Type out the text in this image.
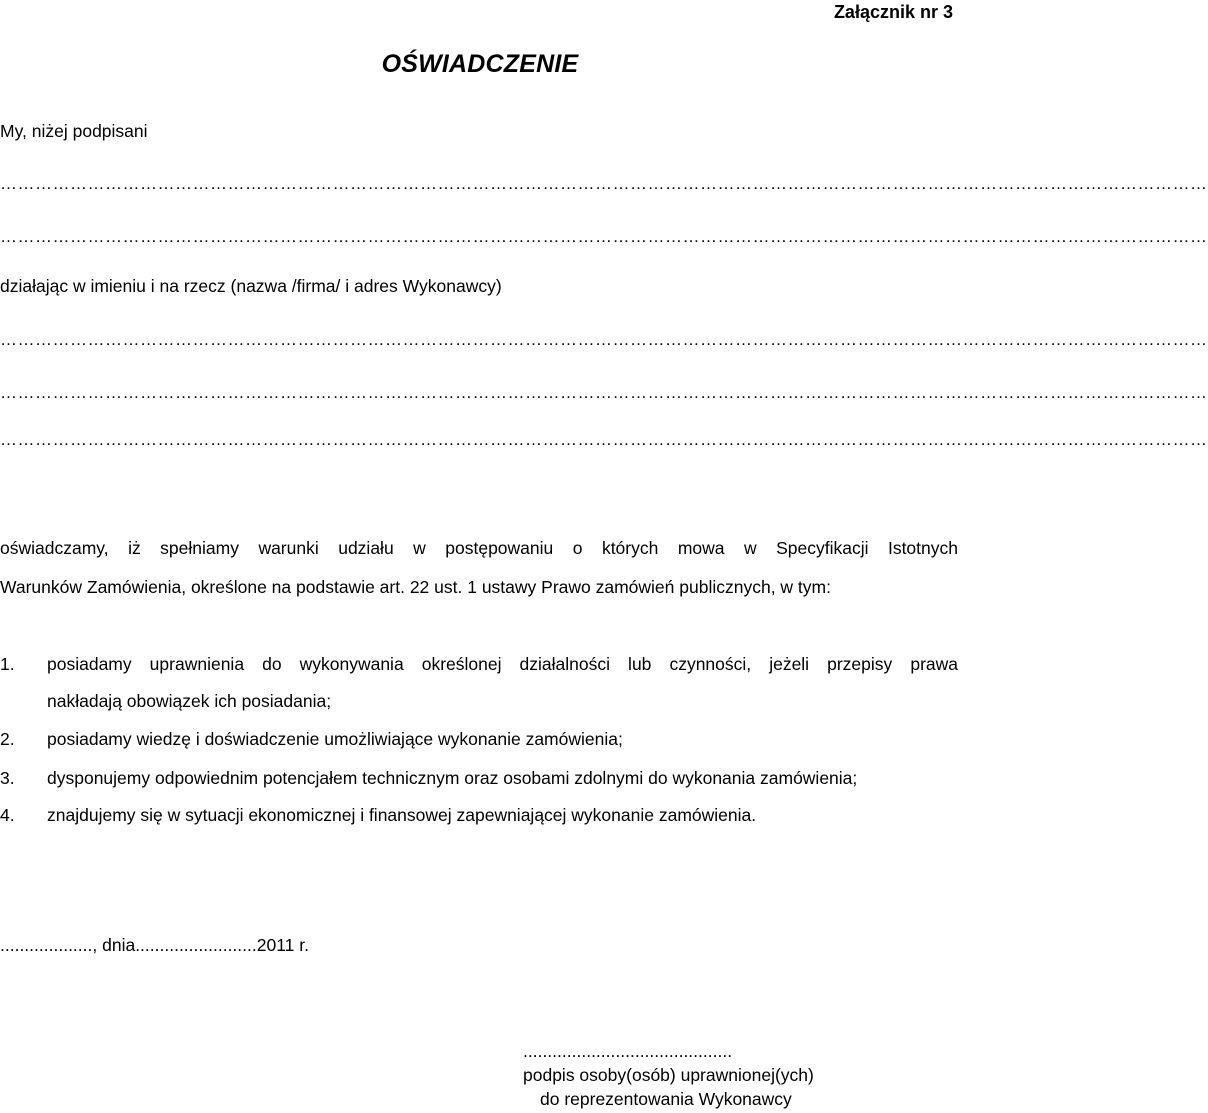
Załącznik nr 3
OŚWIADCZENIE
My, niżej podpisani
………………………………………………………………………………………………………………………………………………………………………………………
………………………………………………………………………………………………………………………………………………………………………………………
działając w imieniu i na rzecz (nazwa /firma/ i adres Wykonawcy)
………………………………………………………………………………………………………………………………………………………………………………………
………………………………………………………………………………………………………………………………………………………………………………………
………………………………………………………………………………………………………………………………………………………………………………………
oświadczamy, iż spełniamy warunki udziału w postępowaniu o których mowa w Specyfikacji Istotnych
Warunków Zamówienia, określone na podstawie art. 22 ust. 1 ustawy Prawo zamówień publicznych, w tym:
1. posiadamy uprawnienia do wykonywania określonej działalności lub czynności, jeżeli przepisy prawa
nakładają obowiązek ich posiadania;
2. posiadamy wiedzę i doświadczenie umożliwiające wykonanie zamówienia;
3. dysponujemy odpowiednim potencjałem technicznym oraz osobami zdolnymi do wykonania zamówienia;
4. znajdujemy się w sytuacji ekonomicznej i finansowej zapewniającej wykonanie zamówienia.
..................., dnia.........................2011 r.
...........................................
podpis osoby(osób) uprawnionej(ych)
do reprezentowania Wykonawcy
